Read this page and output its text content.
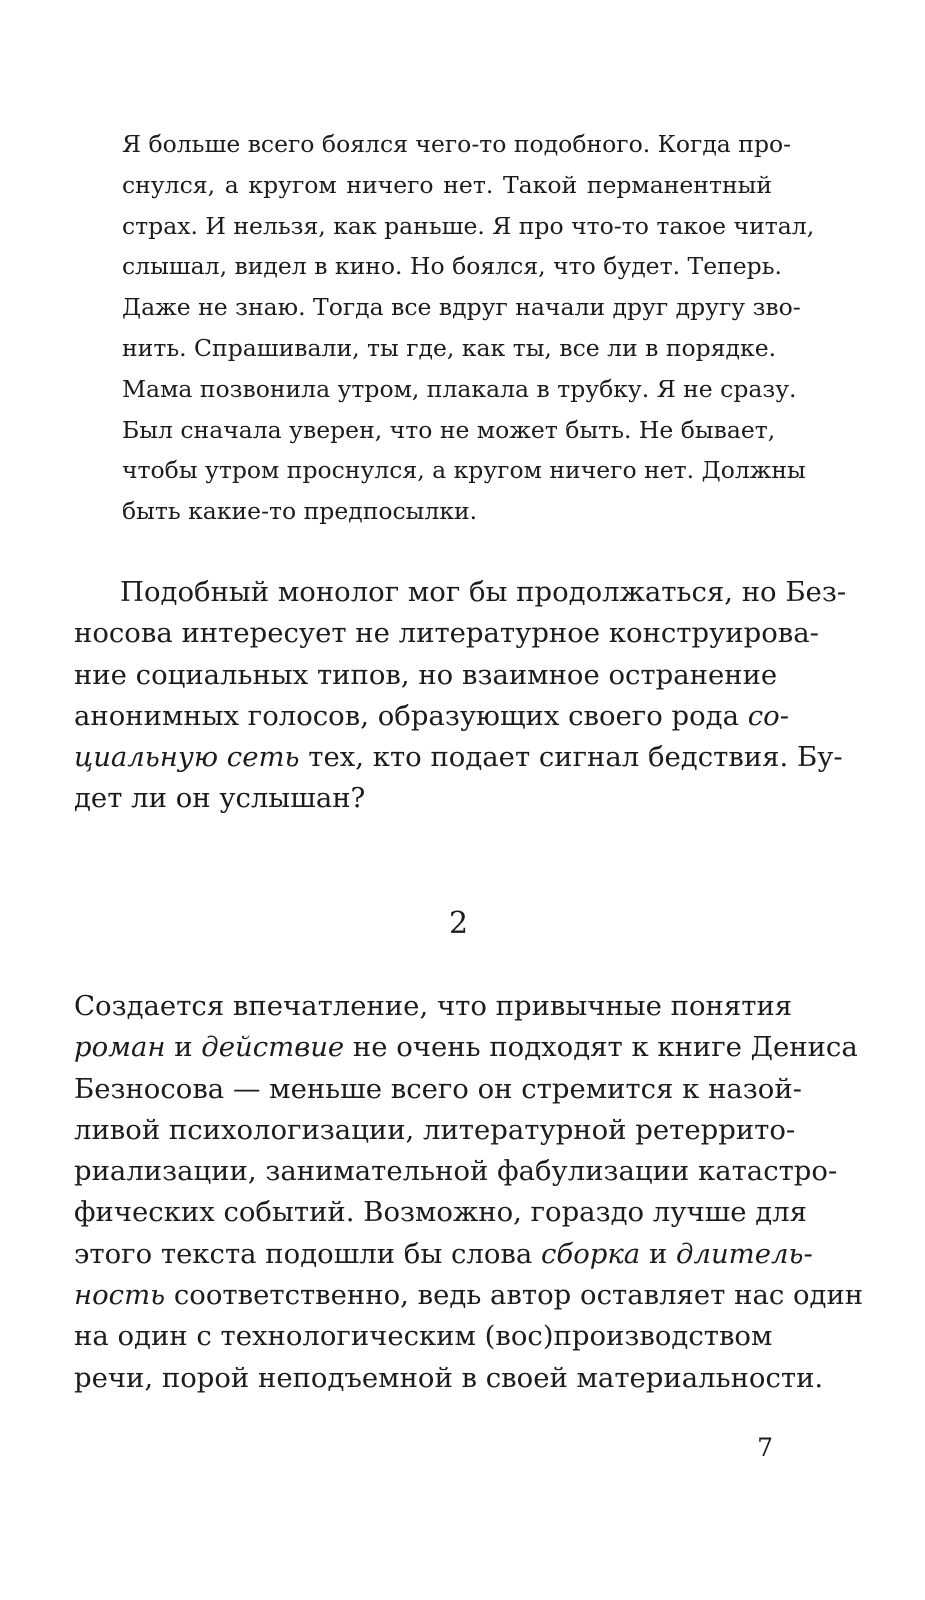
Я больше всего боялся чего-то подобного. Когда про-
снулся, а кругом ничего нет. Такой перманентный
страх. И нельзя, как раньше. Я про что-то такое читал,
слышал, видел в кино. Но боялся, что будет. Теперь.
Даже не знаю. Тогда все вдруг начали друг другу зво-
нить. Спрашивали, ты где, как ты, все ли в порядке.
Мама позвонила утром, плакала в трубку. Я не сразу.
Был сначала уверен, что не может быть. Не бывает,
чтобы утром проснулся, а кругом ничего нет. Должны
быть какие-то предпосылки.
Подобный монолог мог бы продолжаться, но Без-
носова интересует не литературное конструирова-
ние социальных типов, но взаимное остранение
анонимных голосов, образующих своего рода со-
циальную сеть тех, кто подает сигнал бедствия. Бу-
дет ли он услышан?

2

Создается впечатление, что привычные понятия
роман и действие не очень подходят к книге Дениса
Безносова — меньше всего он стремится к назой-
ливой психологизации, литературной ретеррито-
риализации, занимательной фабулизации катастро-
фических событий. Возможно, гораздо лучше для
этого текста подошли бы слова сборка и длитель-
ность соответственно, ведь автор оставляет нас один
на один с технологическим (вос)производством
речи, порой неподъемной в своей материальности.

7
